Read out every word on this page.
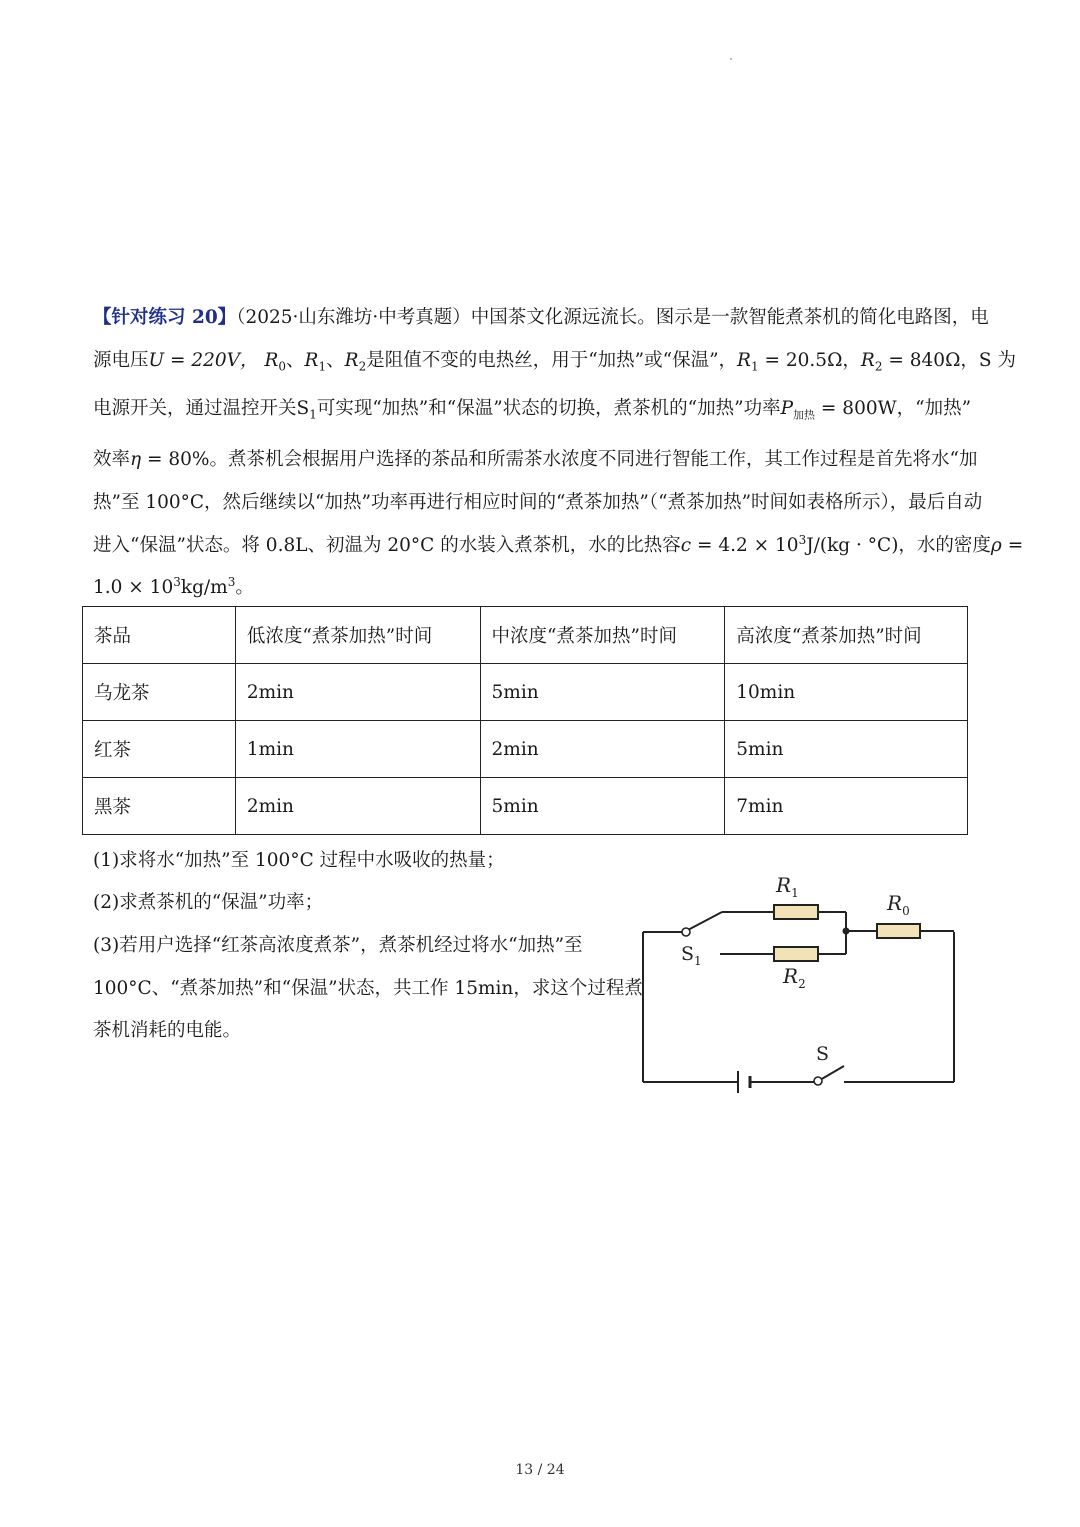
【针对练习 20】（2025·山东潍坊·中考真题）中国茶文化源远流长。图示是一款智能煮茶机的简化电路图，电
源电压U = 220V， $R_0$、$R_1$、$R_2$是阻值不变的电热丝，用于“加热”或“保温”，$R_1 = 20.5\Omega$，$R_2 = 840\Omega$，S 为
电源开关，通过温控开关$S_1$可实现“加热”和“保温”状态的切换，煮茶机的“加热”功率$P_{加热} = 800W$，“加热”
效率η = 80%。煮茶机会根据用户选择的茶品和所需茶水浓度不同进行智能工作，其工作过程是首先将水“加
热”至 100°C，然后继续以“加热”功率再进行相应时间的“煮茶加热”（“煮茶加热”时间如表格所示），最后自动
进入“保温”状态。将 0.8L、初温为 20°C 的水装入煮茶机，水的比热容$c = 4.2 \times 10^3J/(kg \cdot ^\circ C)$，水的密度ρ =
$1.0 \times 10^3kg/m^3$。
茶品	低浓度“煮茶加热”时间	中浓度“煮茶加热”时间	高浓度“煮茶加热”时间
乌龙茶	2min	5min	10min
红茶	1min	2min	5min
黑茶	2min	5min	7min
(1)求将水“加热”至 100°C 过程中水吸收的热量；
(2)求煮茶机的“保温”功率；
(3)若用户选择“红茶高浓度煮茶”，煮茶机经过将水“加热”至
100°C、“煮茶加热”和“保温”状态，共工作 15min，求这个过程煮
茶机消耗的电能。
$R_1$
$R_2$
$R_0$
$S_1$
S
13 / 24
